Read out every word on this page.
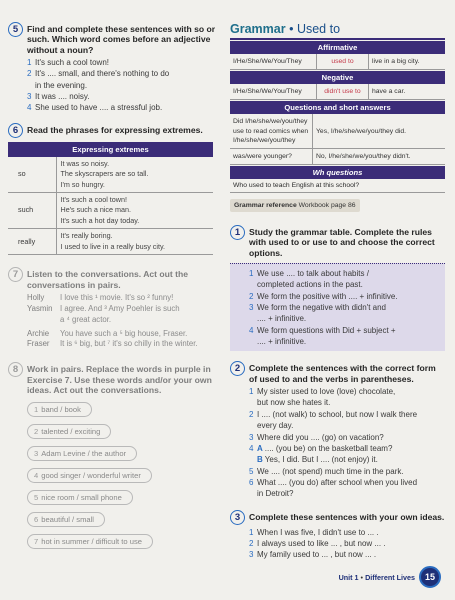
5	Find and complete these sentences with so or such. Which word comes before an adjective without a noun?
1 It's such a cool town!
2 It's .... small, and there's nothing to do
in the evening.
3 It was .... noisy.
4 She used to have .... a stressful job.
6	Read the phrases for expressing extremes.
Expressing extremes	
so	It was so noisy.
The skyscrapers are so tall.
I'm so hungry.

such	It's such a cool town!
He's such a nice man.
It's such a hot day today.

really	It's really boring.
I used to live in a really busy city.
7	Listen to the conversations. Act out the conversations in pairs.
Holly	I love this ¹ movie. It's so ² funny!
Yasmin I agree. And ³ Amy Poehler is such
a ⁴ great actor.
Archie	You have such a ⁵ big house, Fraser.
Fraser	It is ⁶ big, but ⁷ it's so chilly in the winter.
8	Work in pairs. Replace the words in purple in Exercise 7. Use these words and/or your own ideas. Act out the conversations.
1 band / book
2 talented / exciting
3 Adam Levine / the author
4 good singer / wonderful writer
5 nice room / small phone
6 beautiful / small
7 hot in summer / difficult to use
Grammar • Used to
Affirmative
I/He/She/We/You/They	used to	live in a big city.
Negative
I/He/She/We/You/They	didn't use to	have a car.
Questions and short answers
Did I/he/she/we/you/they use to read comics when I/he/she/we/you/they
Yes, I/he/she/we/you/they did.
was/were younger?	No, I/he/she/we/you/they didn't.
Wh questions
Who used to teach English at this school?
Grammar reference Workbook page 86
1	Study the grammar table. Complete the rules with used to or use to and choose the correct options.
1 We use .... to talk about habits /
completed actions in the past.
2 We form the positive with .... + infinitive.
3 We form the negative with didn't and
.... + infinitive.
4 We form questions with Did + subject +
.... + infinitive.
2	Complete the sentences with the correct form of used to and the verbs in parentheses.
1 My sister used to love (love) chocolate,
but now she hates it.
2 I .... (not walk) to school, but now I walk there
every day.
3 Where did you .... (go) on vacation?
4 A .... (you be) on the basketball team?
B Yes, I did. But I .... (not enjoy) it.
5 We .... (not spend) much time in the park.
6 What .... (you do) after school when you lived
in Detroit?
3	Complete these sentences with your own ideas.
1 When I was five, I didn't use to ... .
2 I always used to like ... , but now ... .
3 My family used to ... , but now ... .
Unit 1
•
Different Lives	15
